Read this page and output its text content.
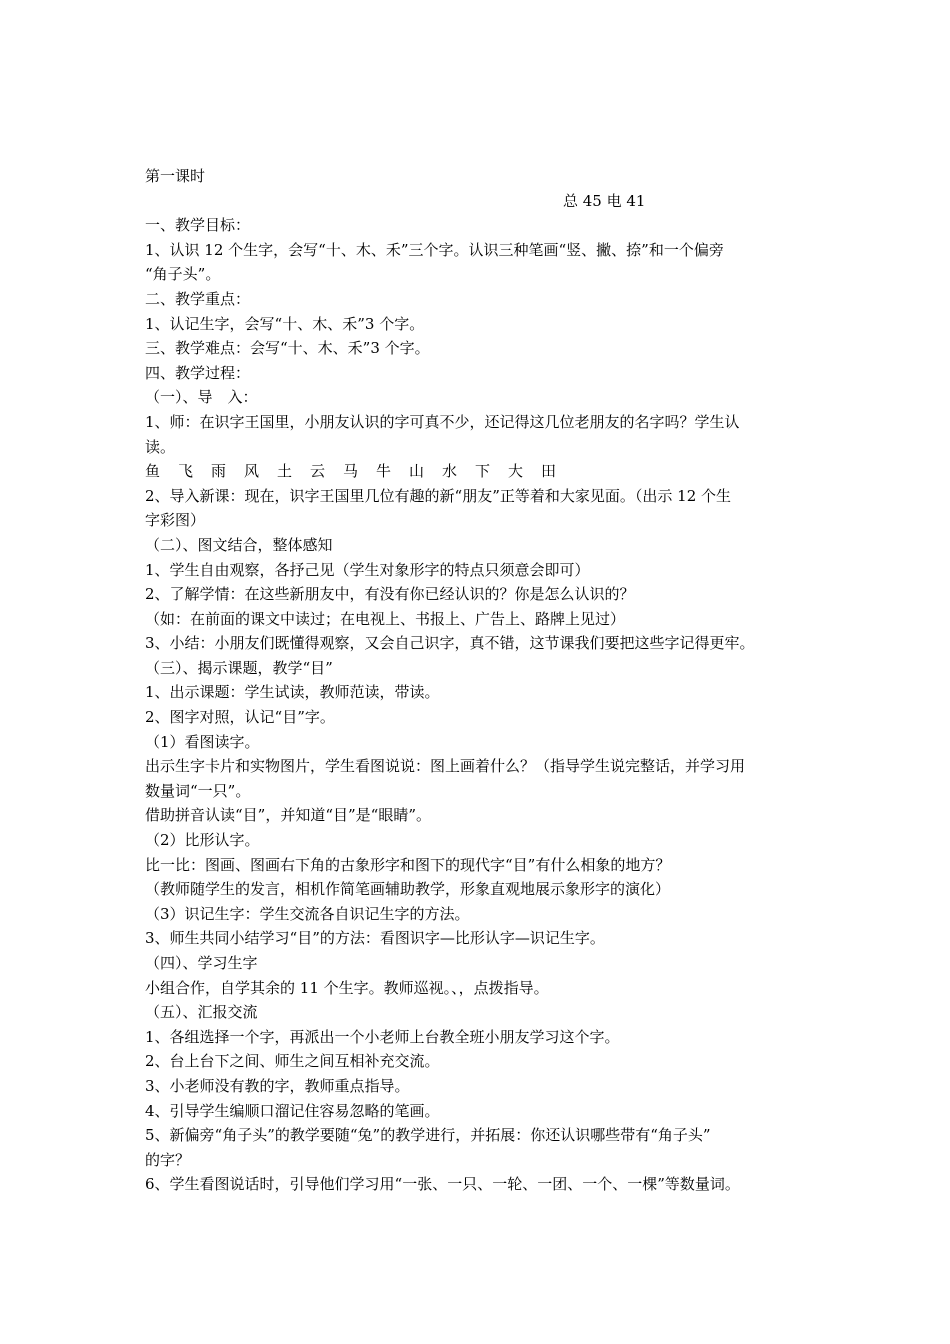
第一课时
总 45 电 41
一、教学目标：
1、认识 12 个生字，会写“十、木、禾”三个字。认识三种笔画“竖、撇、捺”和一个偏旁
“角子头”。
二、教学重点：
1、认记生字，会写“十、木、禾”3 个字。
三、教学难点：会写“十、木、禾”3 个字。
四、教学过程：
（一）、导　入：
1、师：在识字王国里，小朋友认识的字可真不少，还记得这几位老朋友的名字吗？学生认
读。
鱼	飞	雨	风	土	云	马	牛	山	水	下	大	田
2、导入新课：现在，识字王国里几位有趣的新“朋友”正等着和大家见面。（出示 12 个生
字彩图）
（二）、图文结合，整体感知
1、学生自由观察，各抒己见（学生对象形字的特点只须意会即可）
2、了解学情：在这些新朋友中，有没有你已经认识的？你是怎么认识的？
（如：在前面的课文中读过；在电视上、书报上、广告上、路牌上见过）
3、小结：小朋友们既懂得观察，又会自己识字，真不错，这节课我们要把这些字记得更牢。
（三）、揭示课题，教学“目”
1、出示课题：学生试读，教师范读，带读。
2、图字对照，认记“目”字。
（1）看图读字。
出示生字卡片和实物图片，学生看图说说：图上画着什么？（指导学生说完整话，并学习用
数量词“一只”。
借助拼音认读“目”，并知道“目”是“眼睛”。
（2）比形认字。
比一比：图画、图画右下角的古象形字和图下的现代字“目”有什么相象的地方？
（教师随学生的发言，相机作简笔画辅助教学，形象直观地展示象形字的演化）
（3）识记生字：学生交流各自识记生字的方法。
3、师生共同小结学习“目”的方法：看图识字—比形认字—识记生字。
（四）、学习生字
小组合作，自学其余的 11 个生字。教师巡视。、，点拨指导。
（五）、汇报交流
1、各组选择一个字，再派出一个小老师上台教全班小朋友学习这个字。
2、台上台下之间、师生之间互相补充交流。
3、小老师没有教的字，教师重点指导。
4、引导学生编顺口溜记住容易忽略的笔画。
5、新偏旁“角子头”的教学要随“兔”的教学进行，并拓展：你还认识哪些带有“角子头”
的字？
6、学生看图说话时，引导他们学习用“一张、一只、一轮、一团、一个、一棵”等数量词。
